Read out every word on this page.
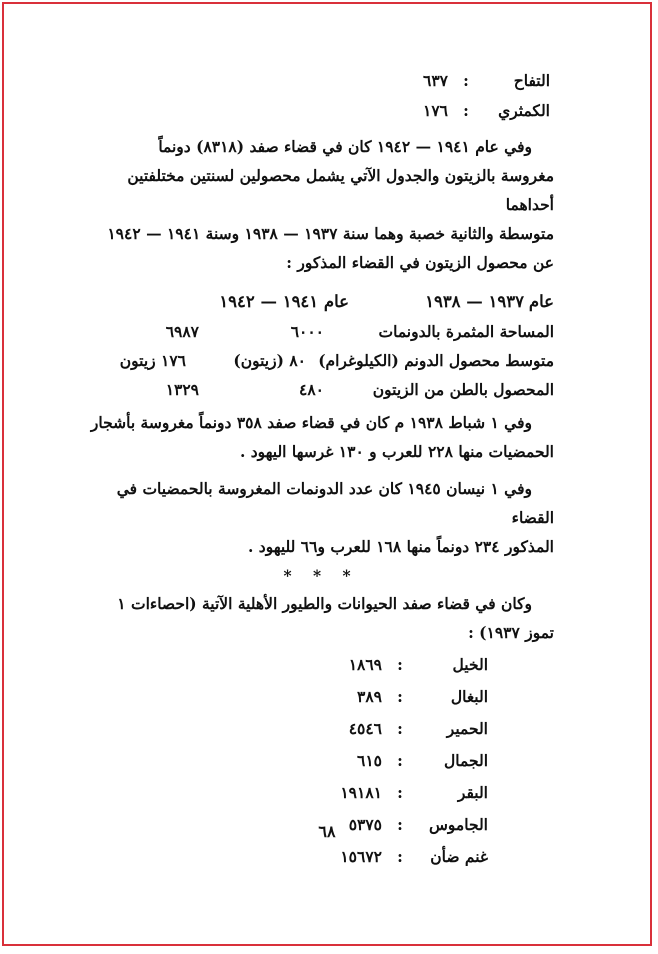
التفاح
:
٦٣٧
الكمثري
:
١٧٦

وفي عام ١٩٤١ — ١٩٤٢ كان في قضاء صفد (٨٣١٨) دونماً

مغروسة بالزيتون والجدول الآتي يشمل محصولين لسنتين مختلفتين أحداهما

متوسطة والثانية خصبة وهما سنة ١٩٣٧ — ١٩٣٨ وسنة ١٩٤١ — ١٩٤٢

عن محصول الزيتون في القضاء المذكور :

عام
١٩٣٧ — ١٩٣٨
عام ١٩٤١ — ١٩٤٢
المساحة المثمرة بالدونمات
٦٠٠٠
٦٩٨٧
متوسط محصول الدونم (الكيلوغرام)
٨٠ (زيتون)
١٧٦ زيتون
المحصول بالطن من الزيتون
٤٨٠
١٣٢٩

وفي ١ شباط ١٩٣٨ م كان في قضاء صفد ٣٥٨ دونماً مغروسة بأشجار

الحمضيات منها ٢٢٨ للعرب و ١٣٠ غرسها اليهود .

وفي ١ نيسان ١٩٤٥ كان عدد الدونمات المغروسة بالحمضيات في القضاء

المذكور ٢٣٤ دونماً منها ١٦٨ للعرب و٦٦ لليهود .

* * *

وكان في قضاء صفد الحيوانات والطيور الأهلية الآتية (احصاءات ١

تموز ١٩٣٧) :

الخيل
:
١٨٦٩
البغال
:
٣٨٩
الحمير
:
٤٥٤٦
الجمال
:
٦١٥
البقر
:
١٩١٨١
الجاموس
:
٥٣٧٥
غنم ضأن
:
١٥٦٧٢
٦٨
